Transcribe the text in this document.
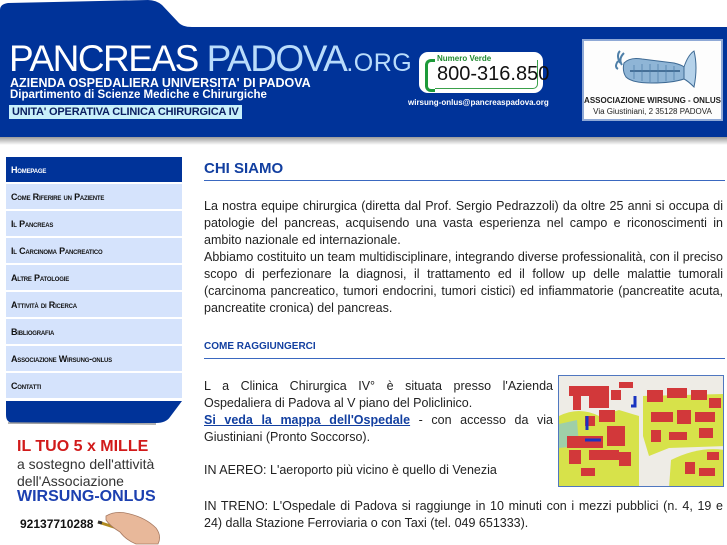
PANCREAS PADOVA.ORG
AZIENDA OSPEDALIERA UNIVERSITA' DI PADOVA
Dipartimento di Scienze Mediche e Chirurgiche
UNITA' OPERATIVA CLINICA CHIRURGICA IV
Numero Verde
800-316.850
wirsung-onlus@pancreaspadova.org	ASSOCIAZIONE WIRSUNG - ONLUS
Via Giustiniani, 2 35128 PADOVA
Homepage
Come Riferire un Paziente
Il Pancreas
Il Carcinoma Pancreatico
Altre Patologie
Attività di Ricerca
Bibliografia
Associazione Wirsung-onlus
Contatti
IL TUO 5 x MILLE
a sostegno dell'attività
dell'Associazione
WIRSUNG-ONLUS
92137710288
CHI SIAMO
La nostra equipe chirurgica (diretta dal Prof. Sergio Pedrazzoli) da oltre 25 anni si occupa di patologie del pancreas, acquisendo una vasta esperienza nel campo e riconoscimenti in ambito nazionale ed internazionale.
Abbiamo costituito un team multidisciplinare, integrando diverse professionalità, con il preciso scopo di perfezionare la diagnosi, il trattamento ed il follow up delle malattie tumorali (carcinoma pancreatico, tumori endocrini, tumori cistici) ed infiammatorie (pancreatite acuta, pancreatite cronica) del pancreas.
COME RAGGIUNGERCI
L a Clinica Chirurgica IV° è situata presso l'Azienda Ospedaliera di Padova al V piano del Policlinico.
Si veda la mappa dell'Ospedale - con accesso da via Giustiniani (Pronto Soccorso).
IN AEREO: L'aeroporto più vicino è quello di Venezia
IN TRENO: L'Ospedale di Padova si raggiunge in 10 minuti con i mezzi pubblici (n. 4, 19 e 24) dalla Stazione Ferroviaria o con Taxi (tel. 049 651333).
